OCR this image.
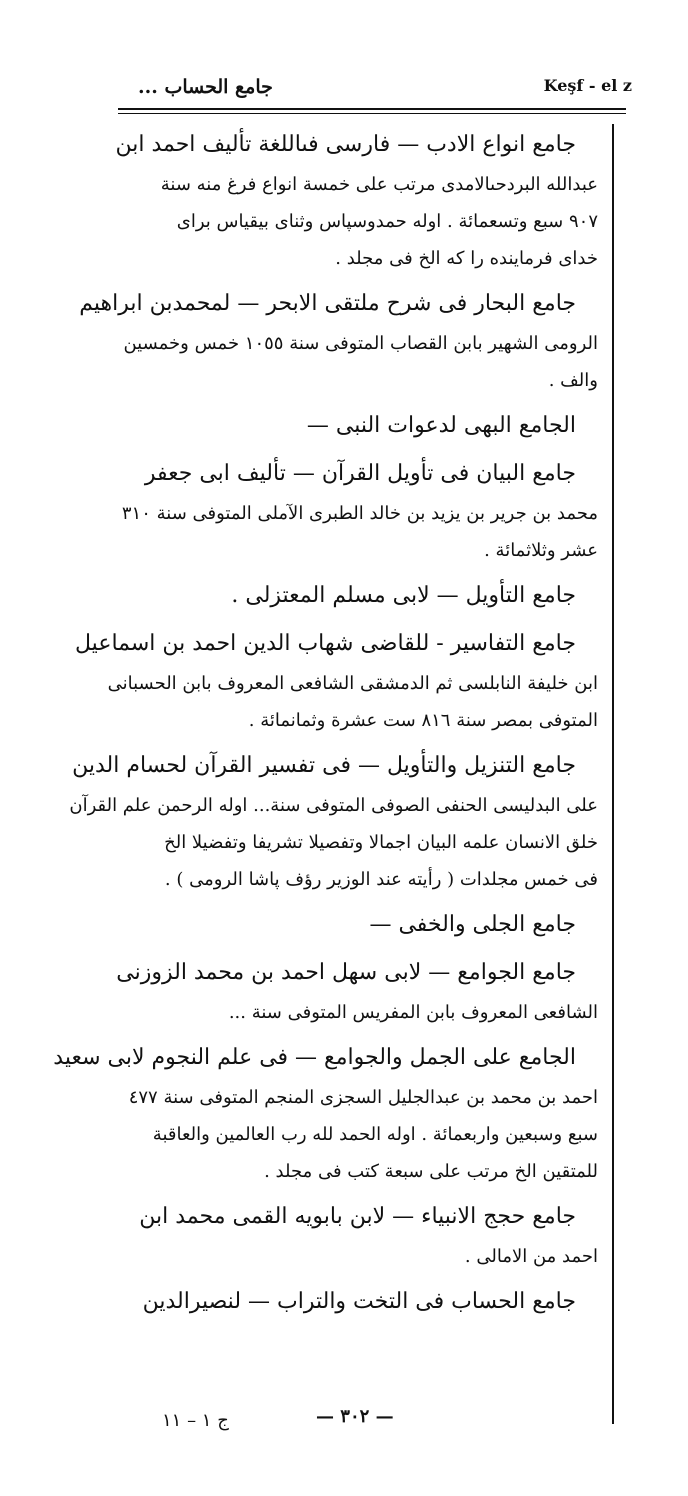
جامع الحساب ...	Keşf - el z
جامع انواع الادب — فارسى فىاللغة تأليف احمد ابن
عبدالله البردحىالامدى مرتب على خمسة انواع فرغ منه سنة
٩٠٧ سبع وتسعمائة . اوله حمدوسپاس وثناى بيقياس براى
خداى فرماينده را كه الخ فى مجلد .
جامع البحار فى شرح ملتقى الابحر — لمحمدبن ابراهيم
الرومى الشهير بابن القصاب المتوفى سنة ١٠٥٥ خمس وخمسين
والف .
الجامع البهى لدعوات النبى —
جامع البيان فى تأويل القرآن — تأليف ابى جعفر
محمد بن جرير بن يزيد بن خالد الطبرى الآملى المتوفى سنة ٣١٠
عشر وثلاثمائة .
جامع التأويل — لابى مسلم المعتزلى .
جامع التفاسير - للقاضى شهاب الدين احمد بن اسماعيل
ابن خليفة النابلسى ثم الدمشقى الشافعى المعروف بابن الحسبانى
المتوفى بمصر سنة ٨١٦ ست عشرة وثمانمائة .
جامع التنزيل والتأويل — فى تفسير القرآن لحسام الدين
على البدليسى الحنفى الصوفى المتوفى سنة... اوله الرحمن علم القرآن
خلق الانسان علمه البيان اجمالا وتفصيلا تشريفا وتفضيلا الخ
فى خمس مجلدات ( رأيته عند الوزير رؤف پاشا الرومى ) .
جامع الجلى والخفى —
جامع الجوامع — لابى سهل احمد بن محمد الزوزنى
الشافعى المعروف بابن المفريس المتوفى سنة ...
الجامع على الجمل والجوامع — فى علم النجوم لابى سعيد
احمد بن محمد بن عبدالجليل السجزى المنجم المتوفى سنة ٤٧٧
سبع وسبعين واربعمائة . اوله الحمد لله رب العالمين والعاقبة
للمتقين الخ مرتب على سبعة كتب فى مجلد .
جامع حجج الانبياء — لابن بابويه القمى محمد ابن
احمد من الامالى .
جامع الحساب فى التخت والتراب — لنصيرالدين
— ٣٠٢ —
ج ١ – ١١
